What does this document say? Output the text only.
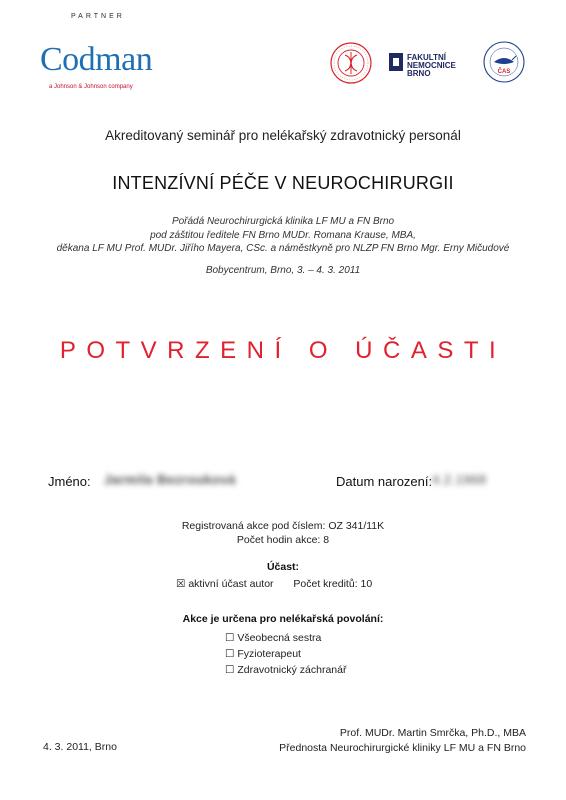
PARTNER
Codman
a Johnson & Johnson company
FAKULTNÍ
NEMOCNICE
BRNO	ČAS
Akreditovaný seminář pro nelékařský zdravotnický personál
INTENZÍVNÍ PÉČE V NEUROCHIRURGII
Pořádá Neurochirurgická klinika LF MU a FN Brno
pod záštitou ředitele FN Brno MUDr. Romana Krause, MBA,
děkana LF MU Prof. MUDr. Jiřího Mayera, CSc. a náměstkyně pro NLZP FN Brno Mgr. Erny Mičudové
Bobycentrum, Brno, 3. – 4. 3. 2011
POTVRZENÍ O ÚČASTI
Jméno: Jarmila Bezrouková	Datum narození: 4.2.1968
Registrovaná akce pod číslem: OZ 341/11K
Počet hodin akce: 8
Účast:
☒ aktivní účast autor Počet kreditů: 10
Akce je určena pro nelékařská povolání:
☐ Všeobecná sestra
☐ Fyzioterapeut
☐ Zdravotnický záchranář
4. 3. 2011, Brno
Prof. MUDr. Martin Smrčka, Ph.D., MBA
Přednosta Neurochirurgické kliniky LF MU a FN Brno
